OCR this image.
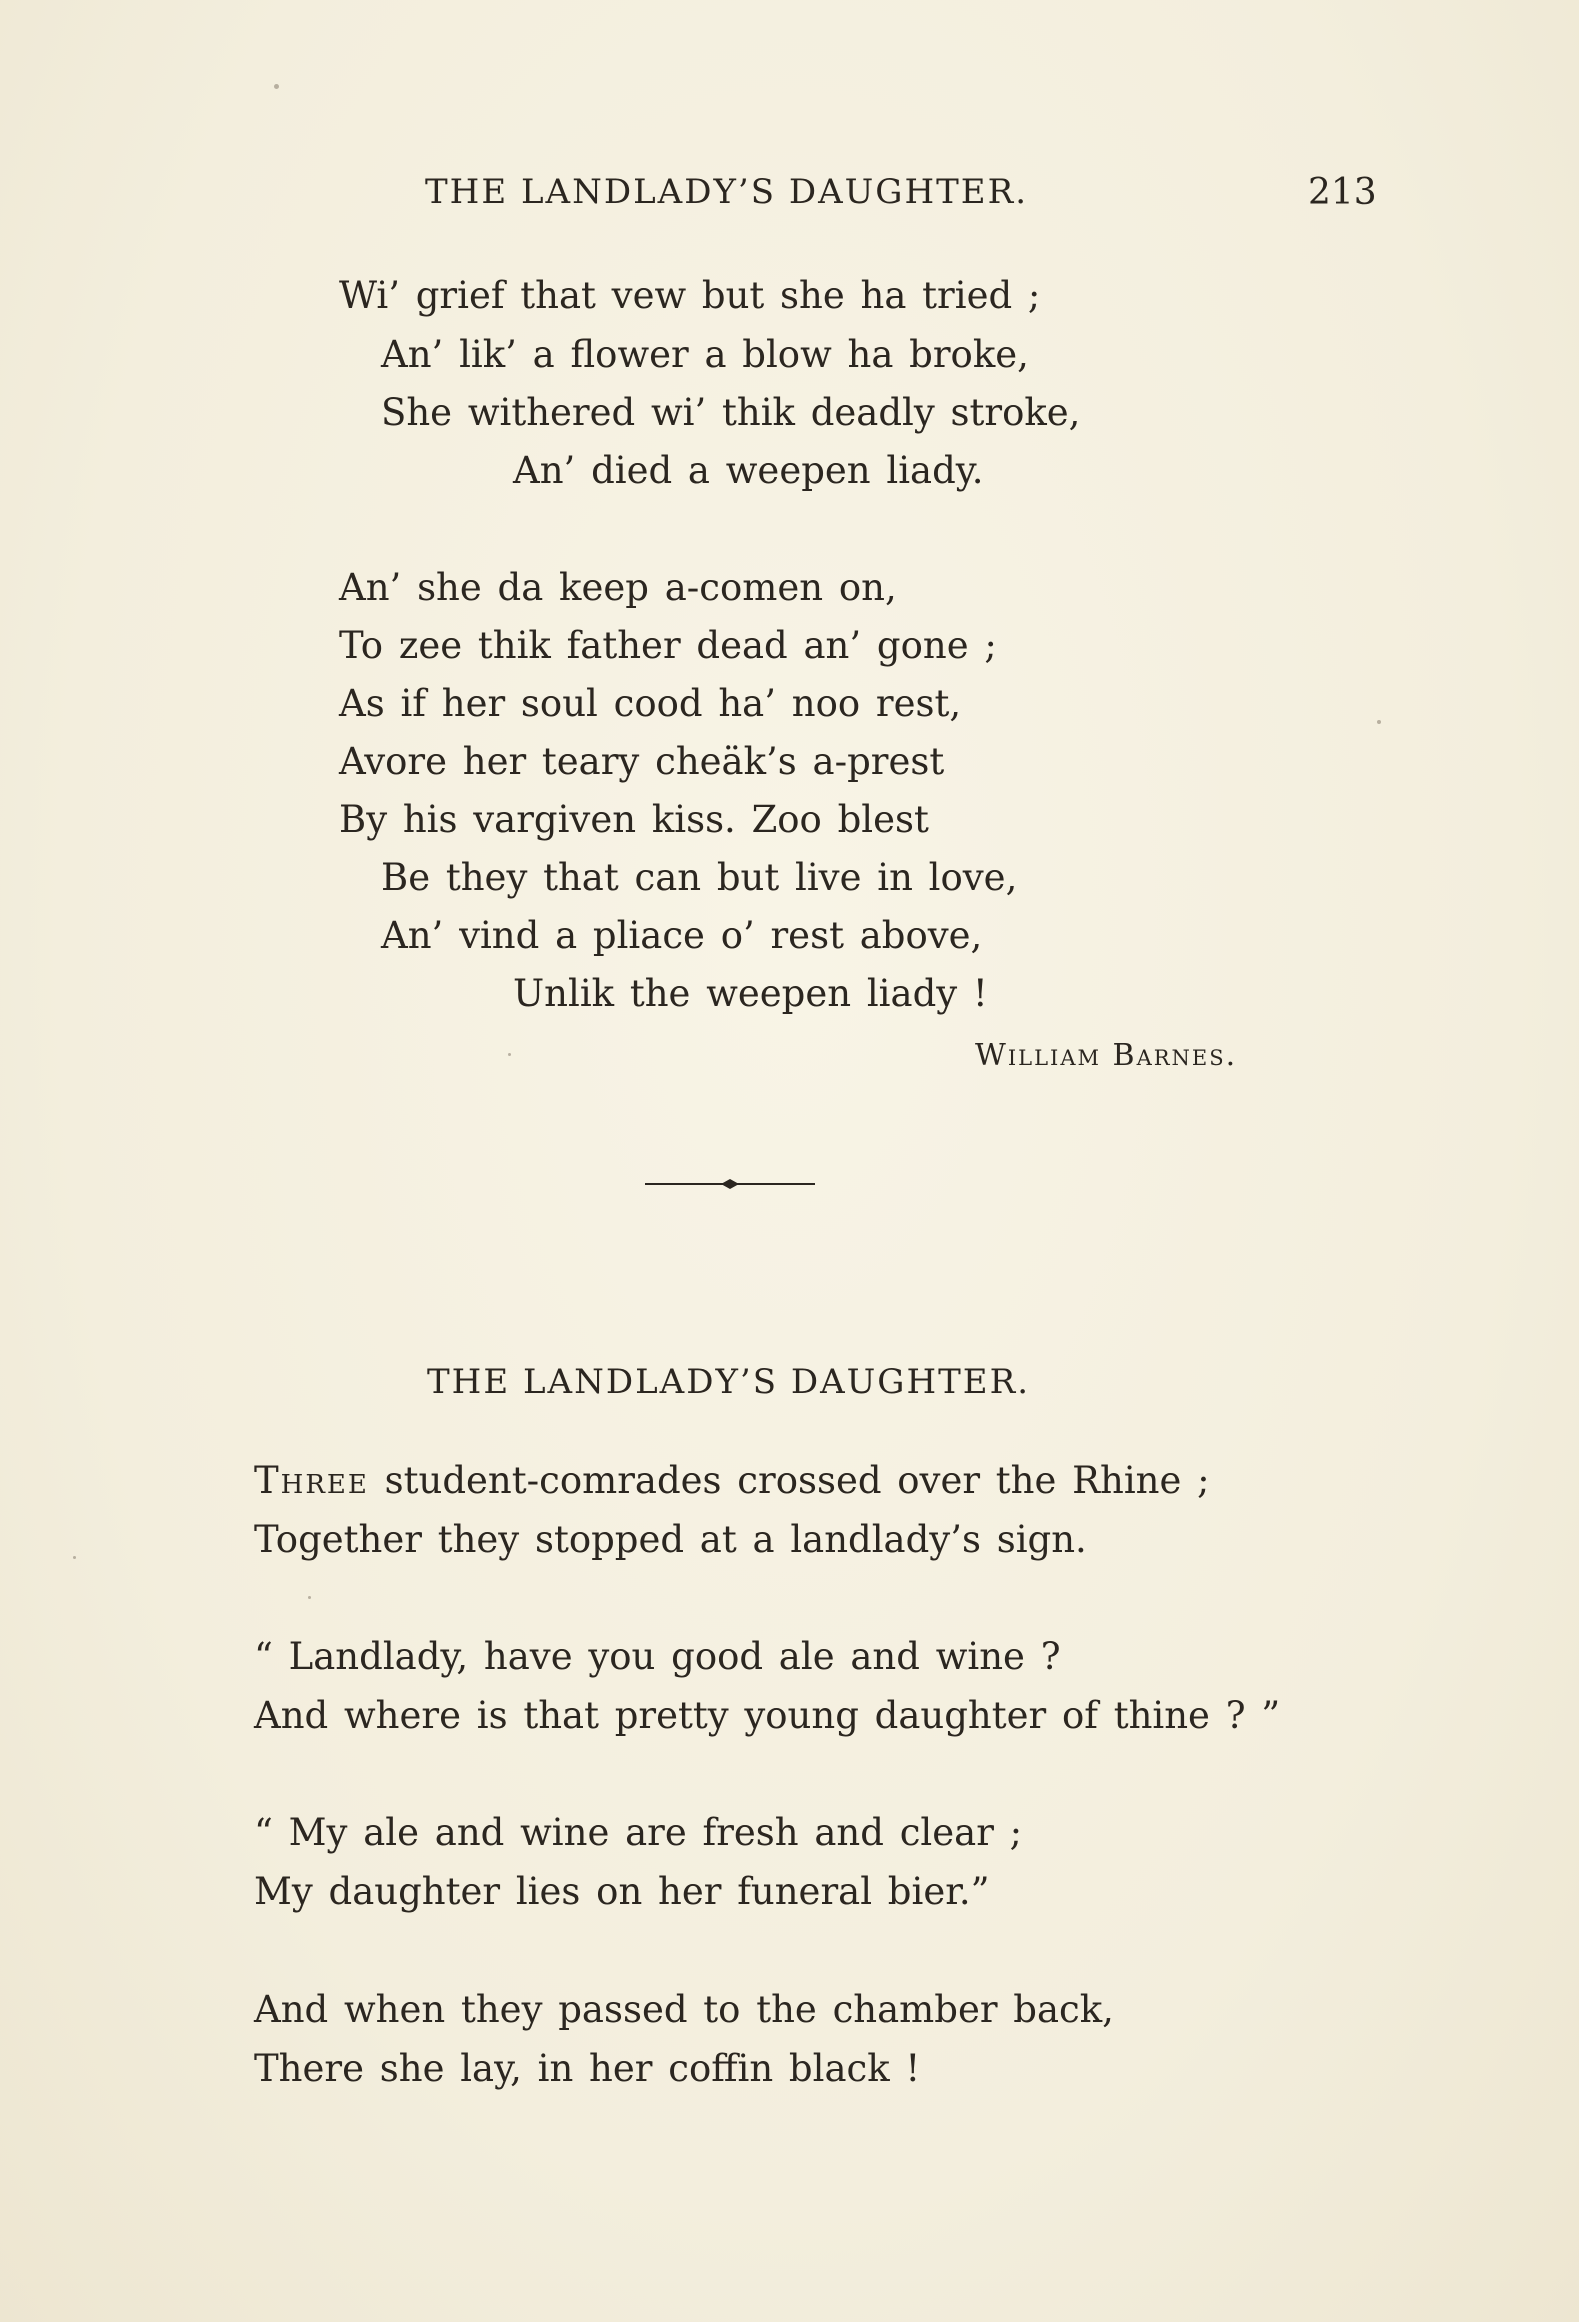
THE LANDLADY’S DAUGHTER.	213
Wi’ grief that vew but she ha tried ;
An’ lik’ a flower a blow ha broke,
She withered wi’ thik deadly stroke,
An’ died a weepen liady.
An’ she da keep a-comen on,
To zee thik father dead an’ gone ;
As if her soul cood ha’ noo rest,
Avore her teary cheäk’s a-prest
By his vargiven kiss. Zoo blest
Be they that can but live in love,
An’ vind a pliace o’ rest above,
Unlik the weepen liady !
William Barnes.
THE LANDLADY’S DAUGHTER.
Three student-comrades crossed over the Rhine ;
Together they stopped at a landlady’s sign.
“ Landlady, have you good ale and wine ?
And where is that pretty young daughter of thine ? ”
“ My ale and wine are fresh and clear ;
My daughter lies on her funeral bier.”
And when they passed to the chamber back,
There she lay, in her coffin black !
